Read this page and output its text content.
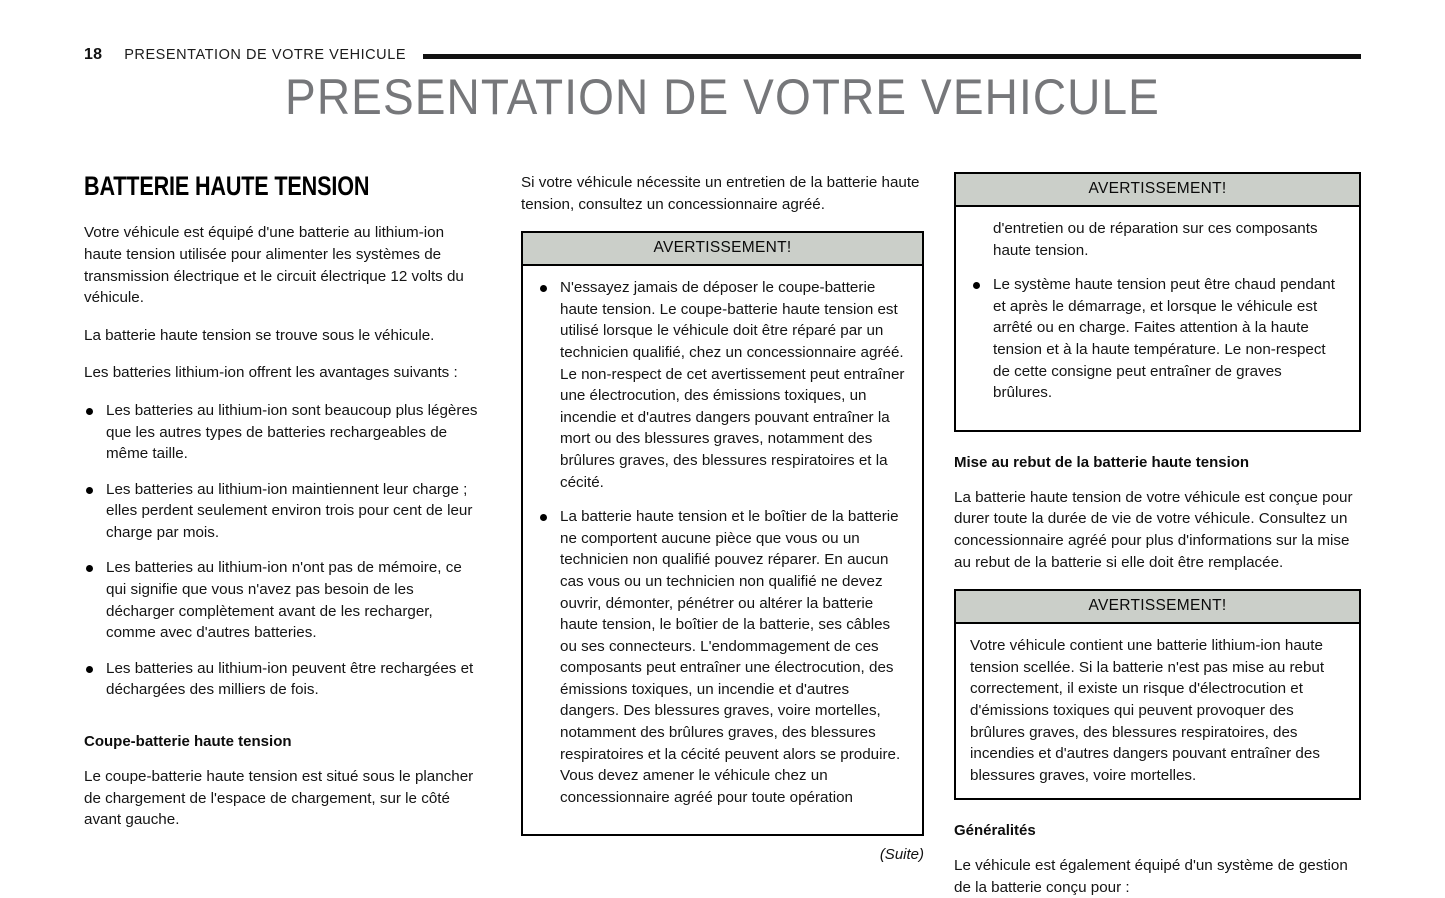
18 PRESENTATION DE VOTRE VEHICULE
PRESENTATION DE VOTRE VEHICULE
BATTERIE HAUTE TENSION

Votre véhicule est équipé d'une batterie au lithium-ion haute tension utilisée pour alimenter les systèmes de transmission électrique et le circuit électrique 12 volts du véhicule.

La batterie haute tension se trouve sous le véhicule.

Les batteries lithium-ion offrent les avantages suivants :

Les batteries au lithium-ion sont beaucoup plus légères que les autres types de batteries rechargeables de même taille.
Les batteries au lithium-ion maintiennent leur charge ; elles perdent seulement environ trois pour cent de leur charge par mois.
Les batteries au lithium-ion n'ont pas de mémoire, ce qui signifie que vous n'avez pas besoin de les décharger complètement avant de les recharger, comme avec d'autres batteries.
Les batteries au lithium-ion peuvent être rechargées et déchargées des milliers de fois.
Coupe-batterie haute tension

Le coupe-batterie haute tension est situé sous le plancher de chargement de l'espace de chargement, sur le côté avant gauche.

Si votre véhicule nécessite un entretien de la batterie haute tension, consultez un concessionnaire agréé.

AVERTISSEMENT!
N'essayez jamais de déposer le coupe-batterie haute tension. Le coupe-batterie haute tension est utilisé lorsque le véhicule doit être réparé par un technicien qualifié, chez un concessionnaire agréé. Le non-respect de cet avertissement peut entraîner une électrocution, des émissions toxiques, un incendie et d'autres dangers pouvant entraîner la mort ou des blessures graves, notamment des brûlures graves, des blessures respiratoires et la cécité.
La batterie haute tension et le boîtier de la batterie ne comportent aucune pièce que vous ou un technicien non qualifié pouvez réparer. En aucun cas vous ou un technicien non qualifié ne devez ouvrir, démonter, pénétrer ou altérer la batterie haute tension, le boîtier de la batterie, ses câbles ou ses connecteurs. L'endommagement de ces composants peut entraîner une électrocution, des émissions toxiques, un incendie et d'autres dangers. Des blessures graves, voire mortelles, notamment des brûlures graves, des blessures respiratoires et la cécité peuvent alors se produire. Vous devez amener le véhicule chez un concessionnaire agréé pour toute opération
(Suite)
AVERTISSEMENT!

d'entretien ou de réparation sur ces composants haute tension.

Le système haute tension peut être chaud pendant et après le démarrage, et lorsque le véhicule est arrêté ou en charge. Faites attention à la haute tension et à la haute température. Le non-respect de cette consigne peut entraîner de graves brûlures.
Mise au rebut de la batterie haute tension

La batterie haute tension de votre véhicule est conçue pour durer toute la durée de vie de votre véhicule. Consultez un concessionnaire agréé pour plus d'informations sur la mise au rebut de la batterie si elle doit être remplacée.

AVERTISSEMENT!

Votre véhicule contient une batterie lithium-ion haute tension scellée. Si la batterie n'est pas mise au rebut correctement, il existe un risque d'électrocution et d'émissions toxiques qui peuvent provoquer des brûlures graves, des blessures respiratoires, des incendies et d'autres dangers pouvant entraîner des blessures graves, voire mortelles.

Généralités

Le véhicule est également équipé d'un système de gestion de la batterie conçu pour :
